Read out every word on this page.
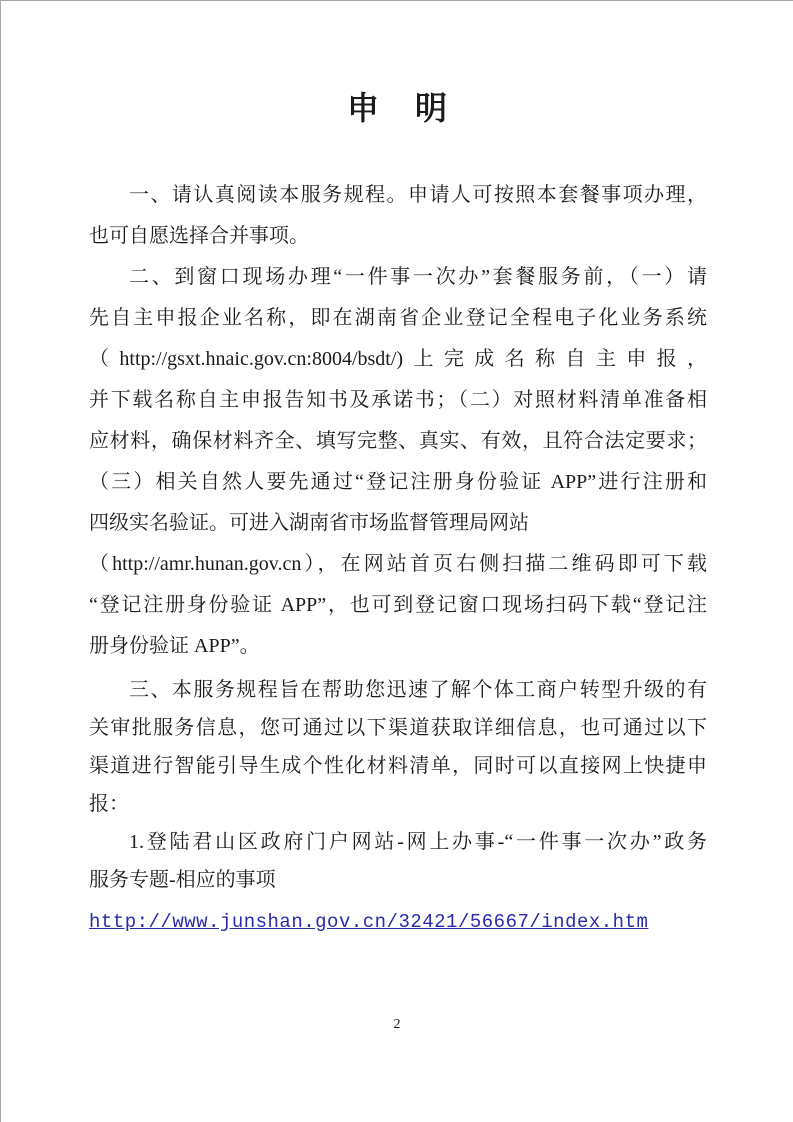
申　明
一、请认真阅读本服务规程。申请人可按照本套餐事项办理，
也可自愿选择合并事项。
二、到窗口现场办理“一件事一次办”套餐服务前，（一）请
先自主申报企业名称，即在湖南省企业登记全程电子化业务系统
（http://gsxt.hnaic.gov.cn:8004/bsdt/)上完成名称自主申报，
并下载名称自主申报告知书及承诺书；（二）对照材料清单准备相
应材料，确保材料齐全、填写完整、真实、有效，且符合法定要求；
（三）相关自然人要先通过“登记注册身份验证 APP”进行注册和
四级实名验证。可进入湖南省市场监督管理局网站
（http://amr.hunan.gov.cn），在网站首页右侧扫描二维码即可下载
“登记注册身份验证 APP”，也可到登记窗口现场扫码下载“登记注
册身份验证 APP”。
三、本服务规程旨在帮助您迅速了解个体工商户转型升级的有
关审批服务信息，您可通过以下渠道获取详细信息，也可通过以下
渠道进行智能引导生成个性化材料清单，同时可以直接网上快捷申
报：
1.登陆君山区政府门户网站-网上办事-“一件事一次办”政务
服务专题-相应的事项
http://www.junshan.gov.cn/32421/56667/index.htm
2
